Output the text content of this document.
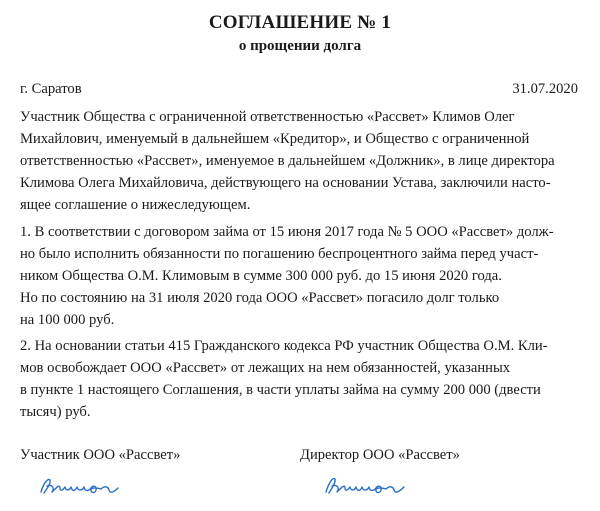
СОГЛАШЕНИЕ № 1
о прощении долга
г. Саратов	31.07.2020
Участник Общества с ограниченной ответственностью «Рассвет» Климов Олег
Михайлович, именуемый в дальнейшем «Кредитор», и Общество с ограниченной
ответственностью «Рассвет», именуемое в дальнейшем «Должник», в лице директора
Климова Олега Михайловича, действующего на основании Устава, заключили насто-
ящее соглашение о нижеследующем.
1. В соответствии с договором займа от 15 июня 2017 года № 5 ООО «Рассвет» долж-
но было исполнить обязанности по погашению беспроцентного займа перед участ-
ником Общества О.М. Климовым в сумме 300 000 руб. до 15 июня 2020 года.
Но по состоянию на 31 июля 2020 года ООО «Рассвет» погасило долг только
на 100 000 руб.
2. На основании статьи 415 Гражданского кодекса РФ участник Общества О.М. Кли-
мов освобождает ООО «Рассвет» от лежащих на нем обязанностей, указанных
в пункте 1 настоящего Соглашения, в части уплаты займа на сумму 200 000 (двести
тысяч) руб.
Участник ООО «Рассвет»	Директор ООО «Рассвет»
